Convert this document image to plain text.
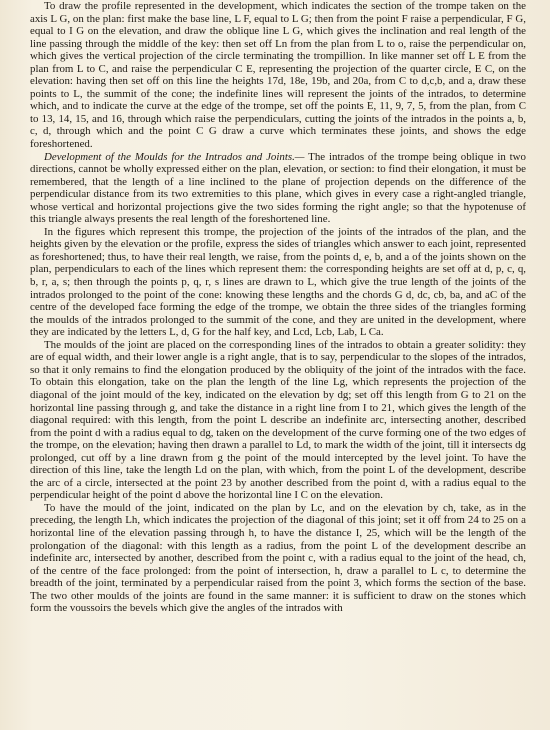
To draw the profile represented in the development, which indicates the section of the trompe taken on the axis L G, on the plan: first make the base line, L F, equal to L G; then from the point F raise a perpendicular, F G, equal to I G on the elevation, and draw the oblique line L G, which gives the inclination and real length of the line passing through the middle of the key: then set off Ln from the plan from L to o, raise the perpendicular on, which gives the vertical projection of the circle terminating the trompillion. In like manner set off L E from the plan from L to C, and raise the perpendicular C E, representing the projection of the quarter circle, E C, on the elevation: having then set off on this line the heights 17d, 18e, 19b, and 20a, from C to d,c,b, and a, draw these points to L, the summit of the cone; the indefinite lines will represent the joints of the intrados, to determine which, and to indicate the curve at the edge of the trompe, set off the points E, 11, 9, 7, 5, from the plan, from C to 13, 14, 15, and 16, through which raise the perpendiculars, cutting the joints of the intrados in the points a, b, c, d, through which and the point C G draw a curve which terminates these joints, and shows the edge foreshortened.

Development of the Moulds for the Intrados and Joints.— The intrados of the trompe being oblique in two directions, cannot be wholly expressed either on the plan, elevation, or section: to find their elongation, it must be remembered, that the length of a line inclined to the plane of projection depends on the difference of the perpendicular distance from its two extremities to this plane, which gives in every case a right-angled triangle, whose vertical and horizontal projections give the two sides forming the right angle; so that the hypotenuse of this triangle always presents the real length of the foreshortened line.

In the figures which represent this trompe, the projection of the joints of the intrados of the plan, and the heights given by the elevation or the profile, express the sides of triangles which answer to each joint, represented as foreshortened; thus, to have their real length, we raise, from the points d, e, b, and a of the joints shown on the plan, perpendiculars to each of the lines which represent them: the corresponding heights are set off at d, p, c, q, b, r, a, s; then through the points p, q, r, s lines are drawn to L, which give the true length of the joints of the intrados prolonged to the point of the cone: knowing these lengths and the chords G d, dc, cb, ba, and aC of the centre of the developed face forming the edge of the trompe, we obtain the three sides of the triangles forming the moulds of the intrados prolonged to the summit of the cone, and they are united in the development, where they are indicated by the letters L, d, G for the half key, and Lcd, Lcb, Lab, L Ca.

The moulds of the joint are placed on the corresponding lines of the intrados to obtain a greater solidity: they are of equal width, and their lower angle is a right angle, that is to say, perpendicular to the slopes of the intrados, so that it only remains to find the elongation produced by the obliquity of the joint of the intrados with the face. To obtain this elongation, take on the plan the length of the line Lg, which represents the projection of the diagonal of the joint mould of the key, indicated on the elevation by dg; set off this length from G to 21 on the horizontal line passing through g, and take the distance in a right line from I to 21, which gives the length of the diagonal required: with this length, from the point L describe an indefinite arc, intersecting another, described from the point d with a radius equal to dg, taken on the development of the curve forming one of the two edges of the trompe, on the elevation; having then drawn a parallel to Ld, to mark the width of the joint, till it intersects dg prolonged, cut off by a line drawn from g the point of the mould intercepted by the level joint. To have the direction of this line, take the length Ld on the plan, with which, from the point L of the development, describe the arc of a circle, intersected at the point 23 by another described from the point d, with a radius equal to the perpendicular height of the point d above the horizontal line I C on the elevation.

To have the mould of the joint, indicated on the plan by Lc, and on the elevation by ch, take, as in the preceding, the length Lh, which indicates the projection of the diagonal of this joint; set it off from 24 to 25 on a horizontal line of the elevation passing through h, to have the distance I, 25, which will be the length of the prolongation of the diagonal: with this length as a radius, from the point L of the development describe an indefinite arc, intersected by another, described from the point c, with a radius equal to the joint of the head, ch, of the centre of the face prolonged: from the point of intersection, h, draw a parallel to L c, to determine the breadth of the joint, terminated by a perpendicular raised from the point 3, which forms the section of the base. The two other moulds of the joints are found in the same manner: it is sufficient to draw on the stones which form the voussoirs the bevels which give the angles of the intrados with
